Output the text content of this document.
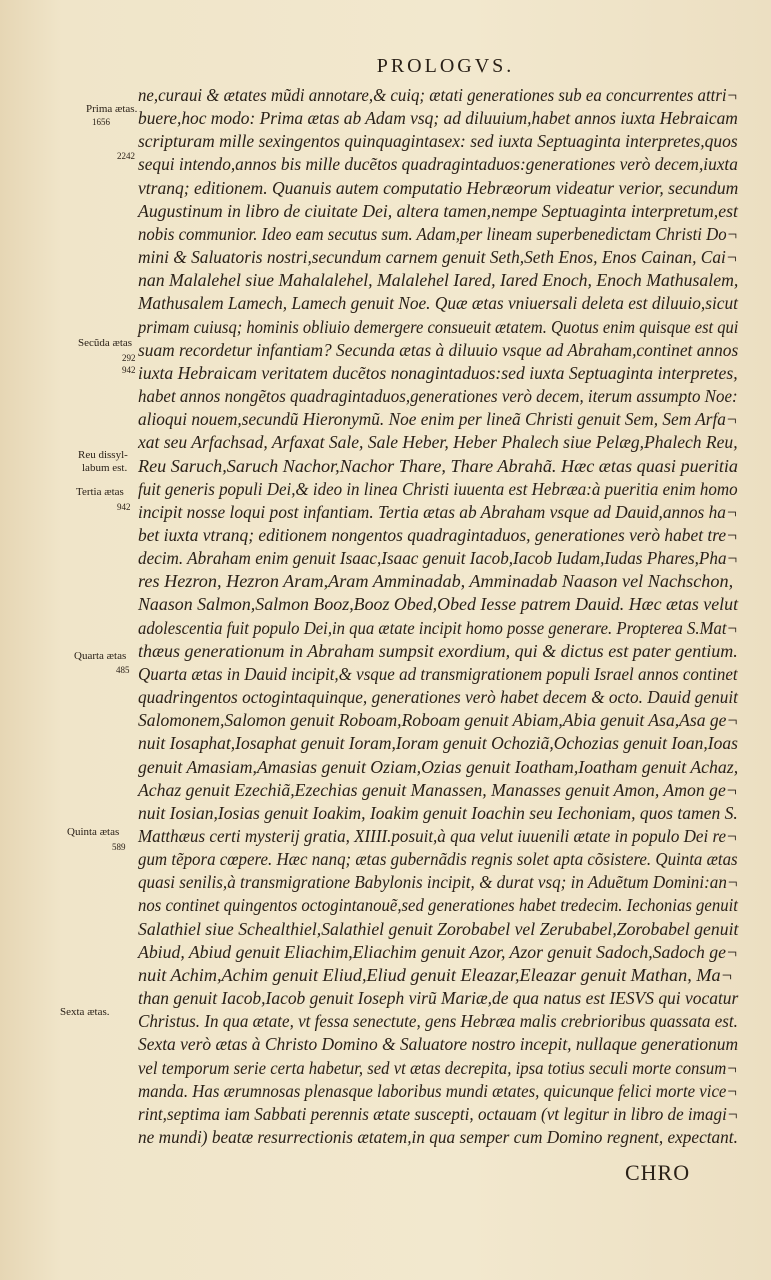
PROLOGVS.
ne,curaui & ætates mũdi annotare,& cuiq; ætati generationes sub ea concurrentes attri¬
buere,hoc modo: Prima ætas ab Adam vsq; ad diluuium,habet annos iuxta Hebraicam
scripturam mille sexingentos quinquagintasex: sed iuxta Septuaginta interpretes,quos
sequi intendo,annos bis mille ducẽtos quadragintaduos:generationes verò decem,iuxta
vtranq; editionem. Quanuis autem computatio Hebræorum videatur verior, secundum
Augustinum in libro de ciuitate Dei, altera tamen,nempe Septuaginta interpretum,est
nobis communior. Ideo eam secutus sum. Adam,per lineam superbenedictam Christi Do¬
mini & Saluatoris nostri,secundum carnem genuit Seth,Seth Enos, Enos Cainan, Cai¬
nan Malalehel siue Mahalalehel, Malalehel Iared, Iared Enoch, Enoch Mathusalem,
Mathusalem Lamech, Lamech genuit Noe. Quæ ætas vniuersali deleta est diluuio,sicut
primam cuiusq; hominis obliuio demergere consueuit ætatem. Quotus enim quisque est qui
suam recordetur infantiam? Secunda ætas à diluuio vsque ad Abraham,continet annos
iuxta Hebraicam veritatem ducẽtos nonagintaduos:sed iuxta Septuaginta interpretes,
habet annos nongẽtos quadragintaduos,generationes verò decem, iterum assumpto Noe:
alioqui nouem,secundũ Hieronymũ. Noe enim per lineã Christi genuit Sem, Sem Arfa¬
xat seu Arfachsad, Arfaxat Sale, Sale Heber, Heber Phalech siue Pelæg,Phalech Reu,
Reu Saruch,Saruch Nachor,Nachor Thare, Thare Abrahã. Hæc ætas quasi pueritia
fuit generis populi Dei,& ideo in linea Christi iuuenta est Hebræa:à pueritia enim homo
incipit nosse loqui post infantiam. Tertia ætas ab Abraham vsque ad Dauid,annos ha¬
bet iuxta vtranq; editionem nongentos quadragintaduos, generationes verò habet tre¬
decim. Abraham enim genuit Isaac,Isaac genuit Iacob,Iacob Iudam,Iudas Phares,Pha¬
res Hezron, Hezron Aram,Aram Amminadab, Amminadab Naason vel Nachschon,
Naason Salmon,Salmon Booz,Booz Obed,Obed Iesse patrem Dauid. Hæc ætas velut
adolescentia fuit populo Dei,in qua ætate incipit homo posse generare. Propterea S.Mat¬
thæus generationum in Abraham sumpsit exordium, qui & dictus est pater gentium.
Quarta ætas in Dauid incipit,& vsque ad transmigrationem populi Israel annos continet
quadringentos octogintaquinque, generationes verò habet decem & octo. Dauid genuit
Salomonem,Salomon genuit Roboam,Roboam genuit Abiam,Abia genuit Asa,Asa ge¬
nuit Iosaphat,Iosaphat genuit Ioram,Ioram genuit Ochoziã,Ochozias genuit Ioan,Ioas
genuit Amasiam,Amasias genuit Oziam,Ozias genuit Ioatham,Ioatham genuit Achaz,
Achaz genuit Ezechiã,Ezechias genuit Manassen, Manasses genuit Amon, Amon ge¬
nuit Iosian,Iosias genuit Ioakim, Ioakim genuit Ioachin seu Iechoniam, quos tamen S.
Matthæus certi mysterij gratia, XIIII.posuit,à qua velut iuuenili ætate in populo Dei re¬
gum tẽpora cœpere. Hæc nanq; ætas gubernãdis regnis solet apta cõsistere. Quinta ætas
quasi senilis,à transmigratione Babylonis incipit, & durat vsq; in Aduẽtum Domini:an¬
nos continet quingentos octogintanouẽ,sed generationes habet tredecim. Iechonias genuit
Salathiel siue Schealthiel,Salathiel genuit Zorobabel vel Zerubabel,Zorobabel genuit
Abiud, Abiud genuit Eliachim,Eliachim genuit Azor, Azor genuit Sadoch,Sadoch ge¬
nuit Achim,Achim genuit Eliud,Eliud genuit Eleazar,Eleazar genuit Mathan, Ma¬
than genuit Iacob,Iacob genuit Ioseph virũ Mariæ,de qua natus est IESVS qui vocatur
Christus. In qua ætate, vt fessa senectute, gens Hebræa malis crebrioribus quassata est.
Sexta verò ætas à Christo Domino & Saluatore nostro incepit, nullaque generationum
vel temporum serie certa habetur, sed vt ætas decrepita, ipsa totius seculi morte consum¬
manda. Has ærumnosas plenasque laboribus mundi ætates, quicunque felici morte vice¬
rint,septima iam Sabbati perennis ætate suscepti, octauam (vt legitur in libro de imagi¬
ne mundi) beatæ resurrectionis ætatem,in qua semper cum Domino regnent, expectant.
Prima ætas.
1656
2242
Secũda ætas
292
942
Reu dissyl-
labum est.
Tertia ætas
942
Quarta ætas
485
Quinta ætas
589
Sexta ætas.
CHRO
